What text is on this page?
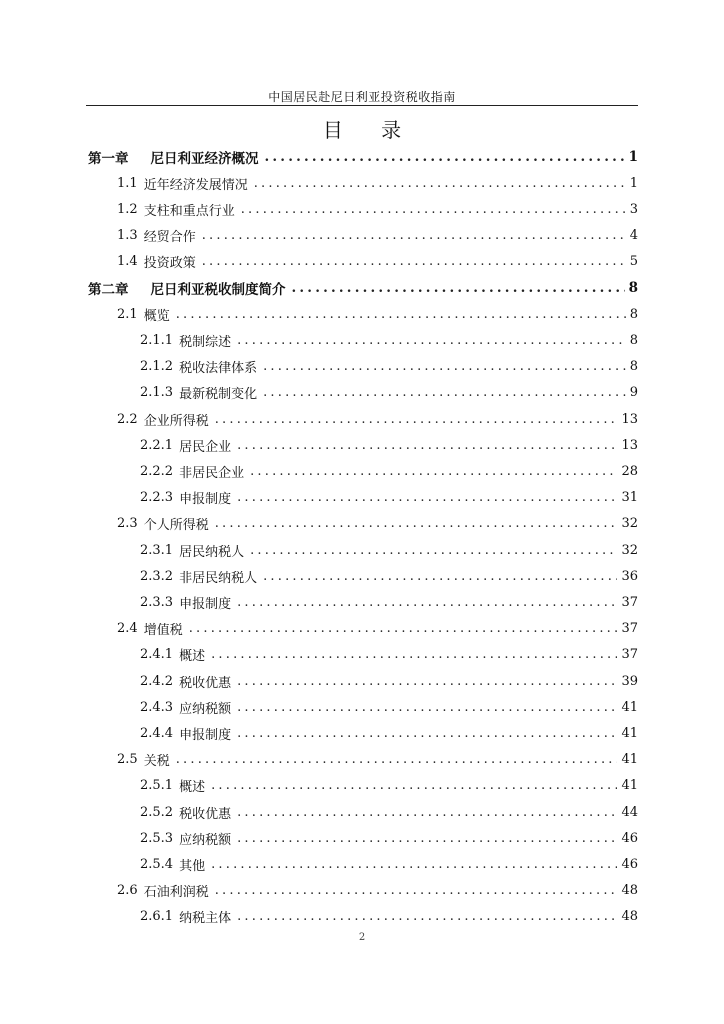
中国居民赴尼日利亚投资税收指南
目 录
第一章 尼日利亚经济概况 .....	1
1.1 近年经济发展情况 .....	1
1.2 支柱和重点行业 .....	3
1.3 经贸合作 .....	4
1.4 投资政策 .....	5
第二章 尼日利亚税收制度简介 .....	8
2.1 概览 .....	8
2.1.1 税制综述 .....	8
2.1.2 税收法律体系 .....	8
2.1.3 最新税制变化 .....	9
2.2 企业所得税 .....	13
2.2.1 居民企业 .....	13
2.2.2 非居民企业 .....	28
2.2.3 申报制度 .....	31
2.3 个人所得税 .....	32
2.3.1 居民纳税人 .....	32
2.3.2 非居民纳税人 .....	36
2.3.3 申报制度 .....	37
2.4 增值税 .....	37
2.4.1 概述 .....	37
2.4.2 税收优惠 .....	39
2.4.3 应纳税额 .....	41
2.4.4 申报制度 .....	41
2.5 关税 .....	41
2.5.1 概述 .....	41
2.5.2 税收优惠 .....	44
2.5.3 应纳税额 .....	46
2.5.4 其他 .....	46
2.6 石油利润税 .....	48
2.6.1 纳税主体 .....	48
2
